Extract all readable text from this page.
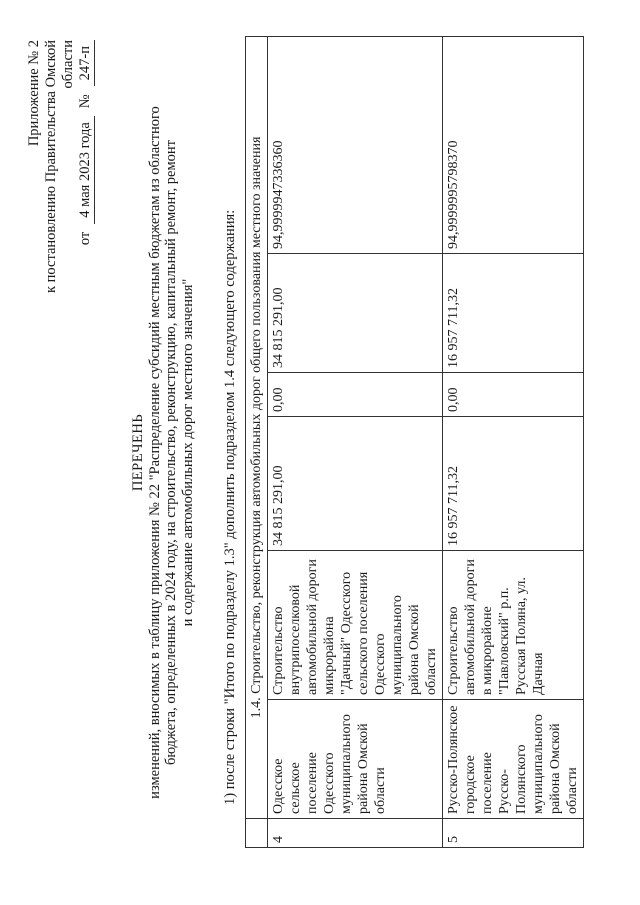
Приложение № 2 к постановлению Правительства Омской области
от
4 мая 2023 года
№
247-п
ПЕРЕЧЕНЬ изменений, вносимых в таблицу приложения № 22 "Распределение субсидий местным бюджетам из областного бюджета, определенных в 2024 году, на строительство, реконструкцию, капитальный ремонт, ремонт и содержание автомобильных дорог местного значения" 1) после строки "Итого по подразделу 1.3" дополнить подразделом 1.4 следующего содержания:
	1.4. Строительство, реконструкция автомобильных дорог общего пользования местного значения					
4	Одесское сельское поселение Одесского муниципального района Омской области	Строительство внутрипоселковой автомобильной дороги микрорайона "Дачный" Одесского сельского поселения Одесского муниципального района Омской области	34 815 291,00	0,00	34 815 291,00	94,9999947336360
5	Русско-Полянское городское поселение Русско-Полянского муниципального района Омской области	Строительство автомобильной дороги в микрорайоне "Павловский" р.п. Русская Поляна, ул. Дачная	16 957 711,32	0,00	16 957 711,32	94,9999995798370
